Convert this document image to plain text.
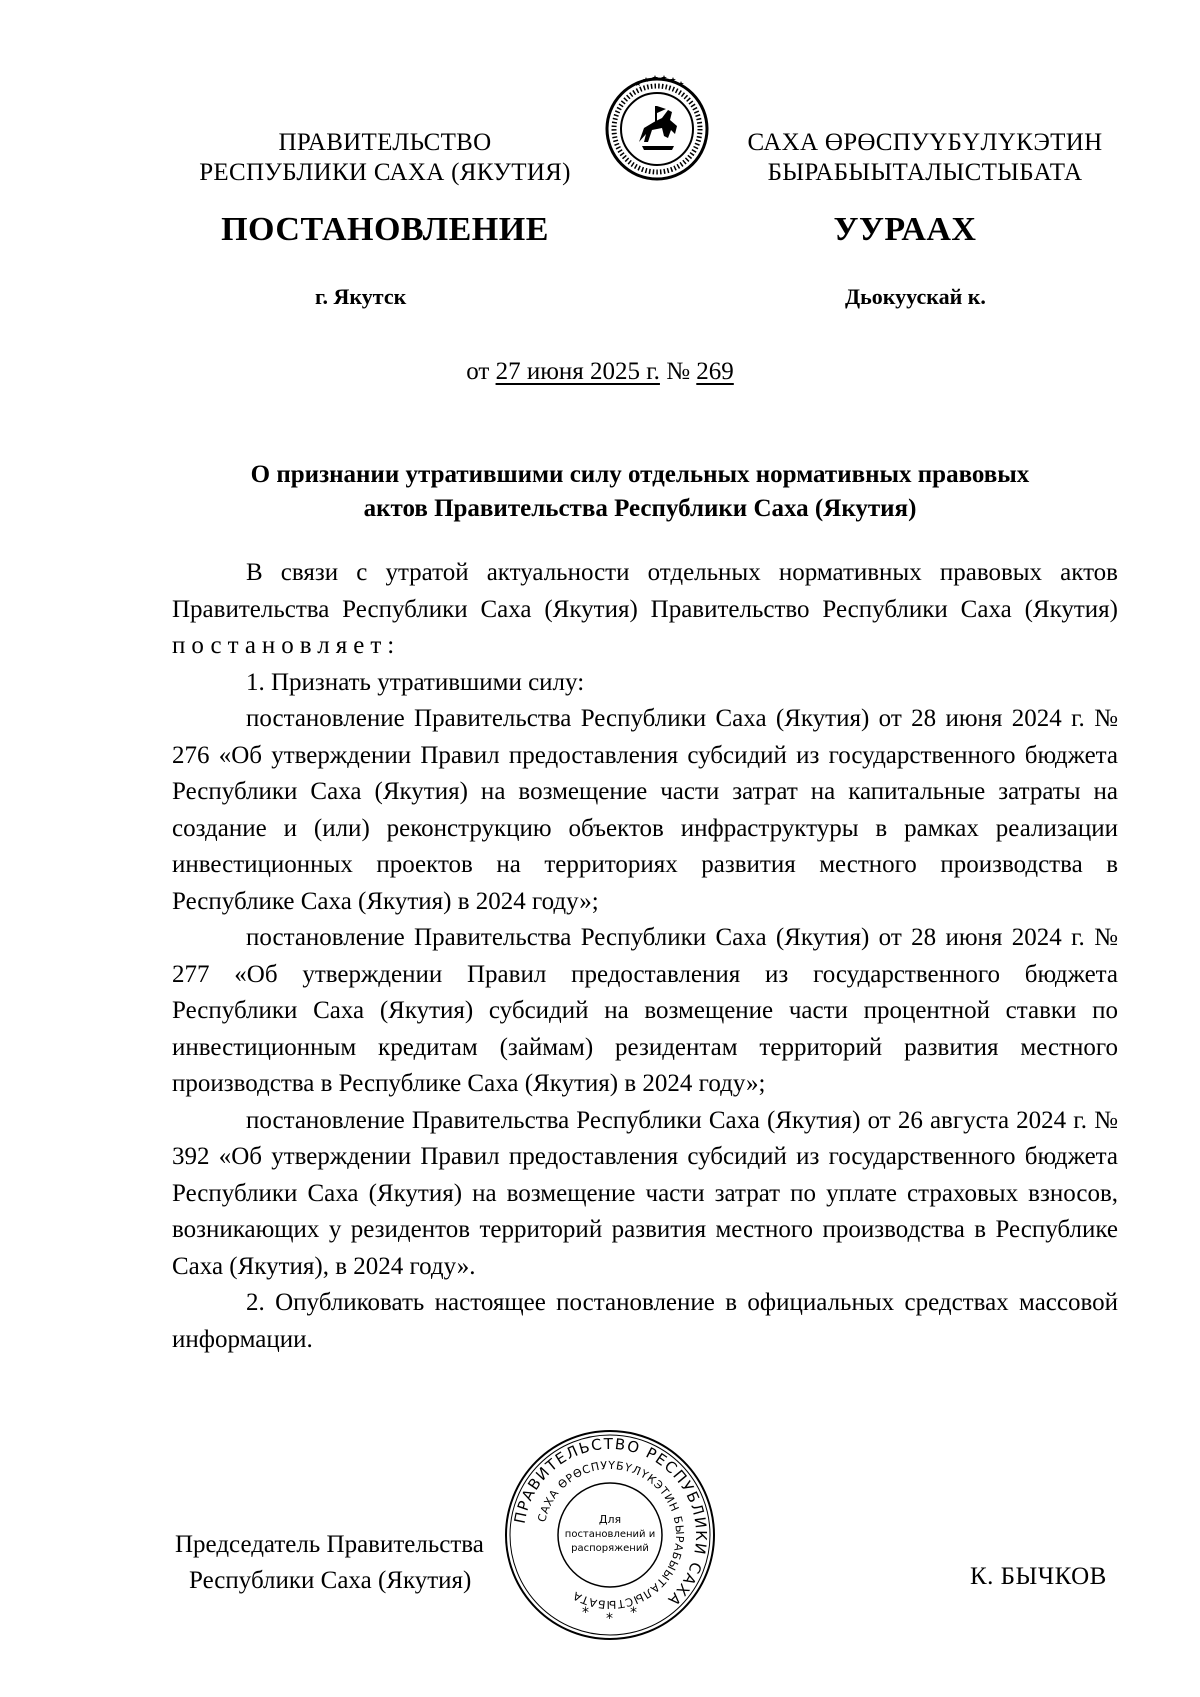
ПРАВИТЕЛЬСТВО
РЕСПУБЛИКИ САХА (ЯКУТИЯ)
САХА ӨРӨСПУҮБҮЛҮКЭТИН
БЫРАБЫЫТАЛЫСТЫБАТА
ПОСТАНОВЛЕНИЕ	УУРААХ
г. Якутск	Дьокуускай к.
от 27 июня 2025 г. № 269
О признании утратившими силу отдельных нормативных правовых
актов Правительства Республики Саха (Якутия)

В связи с утратой актуальности отдельных нормативных правовых актов Правительства Республики Саха (Якутия) Правительство Республики Саха (Якутия) постановляет:

1. Признать утратившими силу:

постановление Правительства Республики Саха (Якутия) от 28 июня 2024 г. № 276 «Об утверждении Правил предоставления субсидий из государственного бюджета Республики Саха (Якутия) на возмещение части затрат на капитальные затраты на создание и (или) реконструкцию объектов инфраструктуры в рамках реализации инвестиционных проектов на территориях развития местного производства в Республике Саха (Якутия) в 2024 году»;

постановление Правительства Республики Саха (Якутия) от 28 июня 2024 г. № 277 «Об утверждении Правил предоставления из государственного бюджета Республики Саха (Якутия) субсидий на возмещение части процентной ставки по инвестиционным кредитам (займам) резидентам территорий развития местного производства в Республике Саха (Якутия) в 2024 году»;

постановление Правительства Республики Саха (Якутия) от 26 августа 2024 г. № 392 «Об утверждении Правил предоставления субсидий из государственного бюджета Республики Саха (Якутия) на возмещение части затрат по уплате страховых взносов, возникающих у резидентов территорий развития местного производства в Республике Саха (Якутия), в 2024 году».

2. Опубликовать настоящее постановление в официальных средствах массовой информации.

Председатель Правительства
Республики Саха (Якутия)
ПРАВИТЕЛЬСТВО РЕСПУБЛИКИ САХА
САХА ӨРӨСПУҮБҮЛҮКЭТИН БЫРАБЫЫТАЛЫСТЫБАТА
Для
постановлений и
распоряжений
* * *
К. БЫЧКОВ
